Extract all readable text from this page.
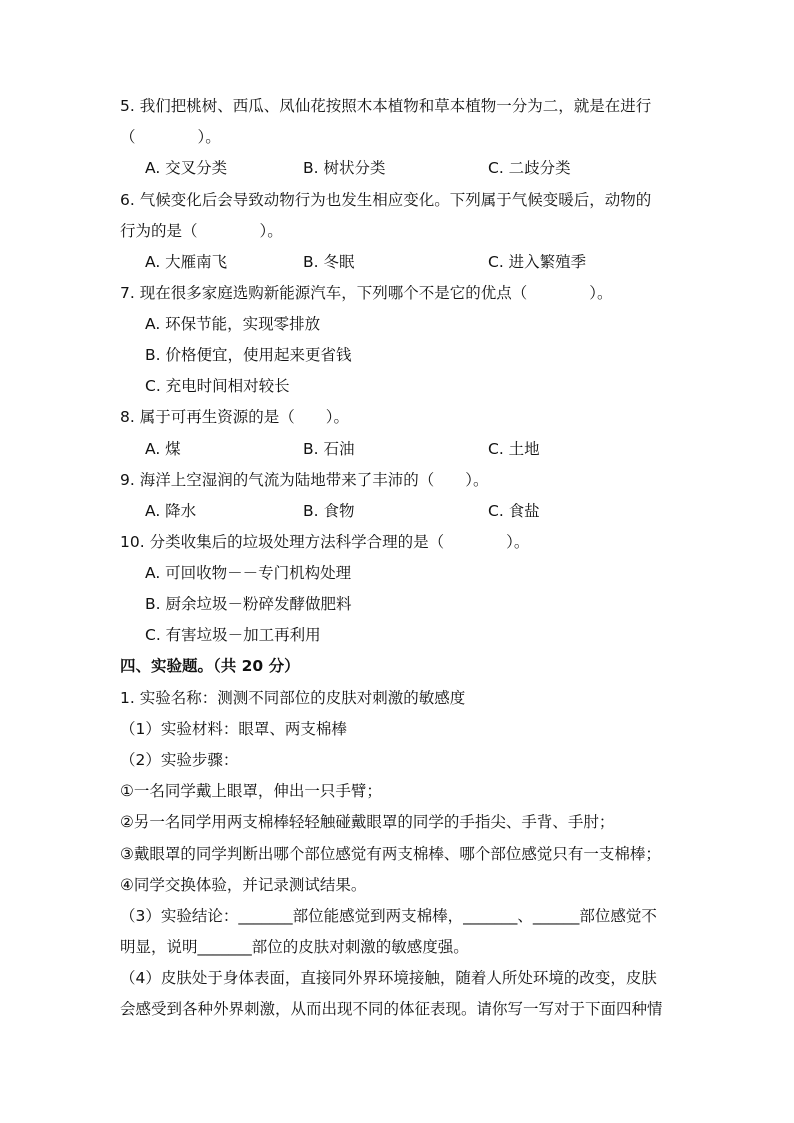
5. 我们把桃树、西瓜、凤仙花按照木本植物和草本植物一分为二，就是在进行
（　　　　）。
A. 交叉分类	B. 树状分类	C. 二歧分类
6. 气候变化后会导致动物行为也发生相应变化。下列属于气候变暖后，动物的
行为的是（　　　　）。
A. 大雁南飞	B. 冬眠	C. 进入繁殖季
7. 现在很多家庭选购新能源汽车，下列哪个不是它的优点（　　　　）。
A. 环保节能，实现零排放
B. 价格便宜，使用起来更省钱
C. 充电时间相对较长
8. 属于可再生资源的是（　　）。
A. 煤	B. 石油	C. 土地
9. 海洋上空湿润的气流为陆地带来了丰沛的（　　）。
A. 降水	B. 食物	C. 食盐
10. 分类收集后的垃圾处理方法科学合理的是（　　　　）。
A. 可回收物－－专门机构处理
B. 厨余垃圾－粉碎发酵做肥料
C. 有害垃圾－加工再利用
四、实验题。（共 20 分）
1. 实验名称：测测不同部位的皮肤对刺激的敏感度
（1）实验材料：眼罩、两支棉棒
（2）实验步骤：
①一名同学戴上眼罩，伸出一只手臂；
②另一名同学用两支棉棒轻轻触碰戴眼罩的同学的手指尖、手背、手肘；
③戴眼罩的同学判断出哪个部位感觉有两支棉棒、哪个部位感觉只有一支棉棒；
④同学交换体验，并记录测试结果。
（3）实验结论：_______部位能感觉到两支棉棒，_______、______部位感觉不
明显，说明_______部位的皮肤对刺激的敏感度强。
（4）皮肤处于身体表面，直接同外界环境接触，随着人所处环境的改变，皮肤
会感受到各种外界刺激，从而出现不同的体征表现。请你写一写对于下面四种情
